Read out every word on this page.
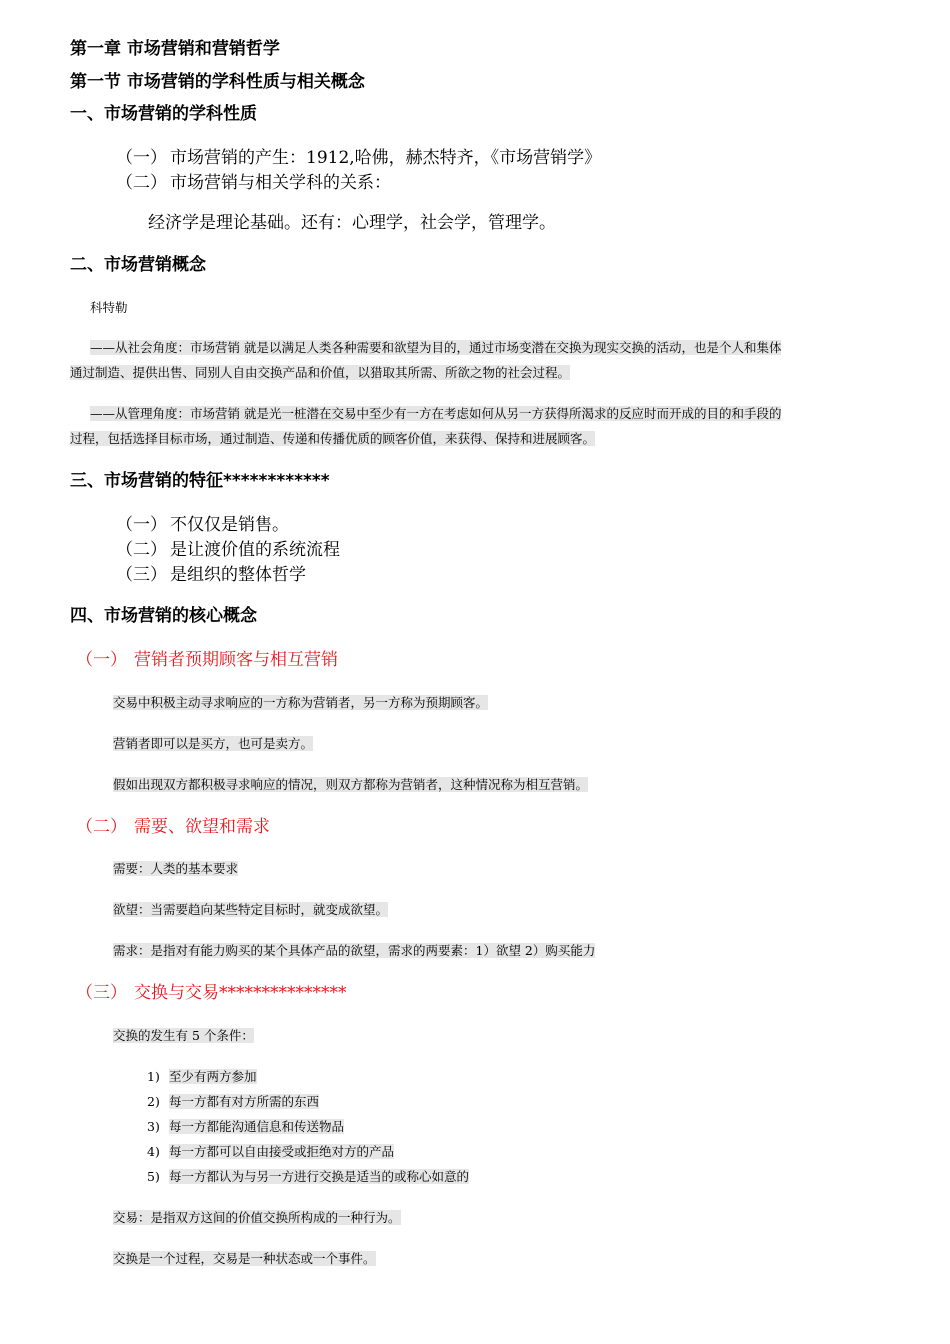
第一章 市场营销和营销哲学
第一节 市场营销的学科性质与相关概念
一、市场营销的学科性质
（一） 市场营销的产生：1912,哈佛，赫杰特齐，《市场营销学》
（二） 市场营销与相关学科的关系：
经济学是理论基础。还有：心理学，社会学，管理学。
二、市场营销概念
科特勒
——从社会角度：市场营销 就是以满足人类各种需要和欲望为目的，通过市场变潜在交换为现实交换的活动，也是个人和集体
通过制造、提供出售、同别人自由交换产品和价值，以猎取其所需、所欲之物的社会过程。
——从管理角度：市场营销 就是光一桩潜在交易中至少有一方在考虑如何从另一方获得所渴求的反应时而开成的目的和手段的
过程，包括选择目标市场，通过制造、传递和传播优质的顾客价值，来获得、保持和进展顾客。
三、市场营销的特征************
（一） 不仅仅是销售。
（二） 是让渡价值的系统流程
（三） 是组织的整体哲学
四、市场营销的核心概念
（一） 营销者预期顾客与相互营销
交易中积极主动寻求响应的一方称为营销者，另一方称为预期顾客。
营销者即可以是买方，也可是卖方。
假如出现双方都积极寻求响应的情况，则双方都称为营销者，这种情况称为相互营销。
（二） 需要、欲望和需求
需要：人类的基本要求
欲望：当需要趋向某些特定目标时，就变成欲望。
需求：是指对有能力购买的某个具体产品的欲望，需求的两要素：1）欲望 2）购买能力
（三） 交换与交易***************
交换的发生有 5 个条件：
1) 至少有两方参加
2) 每一方都有对方所需的东西
3) 每一方都能沟通信息和传送物品
4) 每一方都可以自由接受或拒绝对方的产品
5) 每一方都认为与另一方进行交换是适当的或称心如意的
交易：是指双方这间的价值交换所构成的一种行为。
交换是一个过程，交易是一种状态或一个事件。
